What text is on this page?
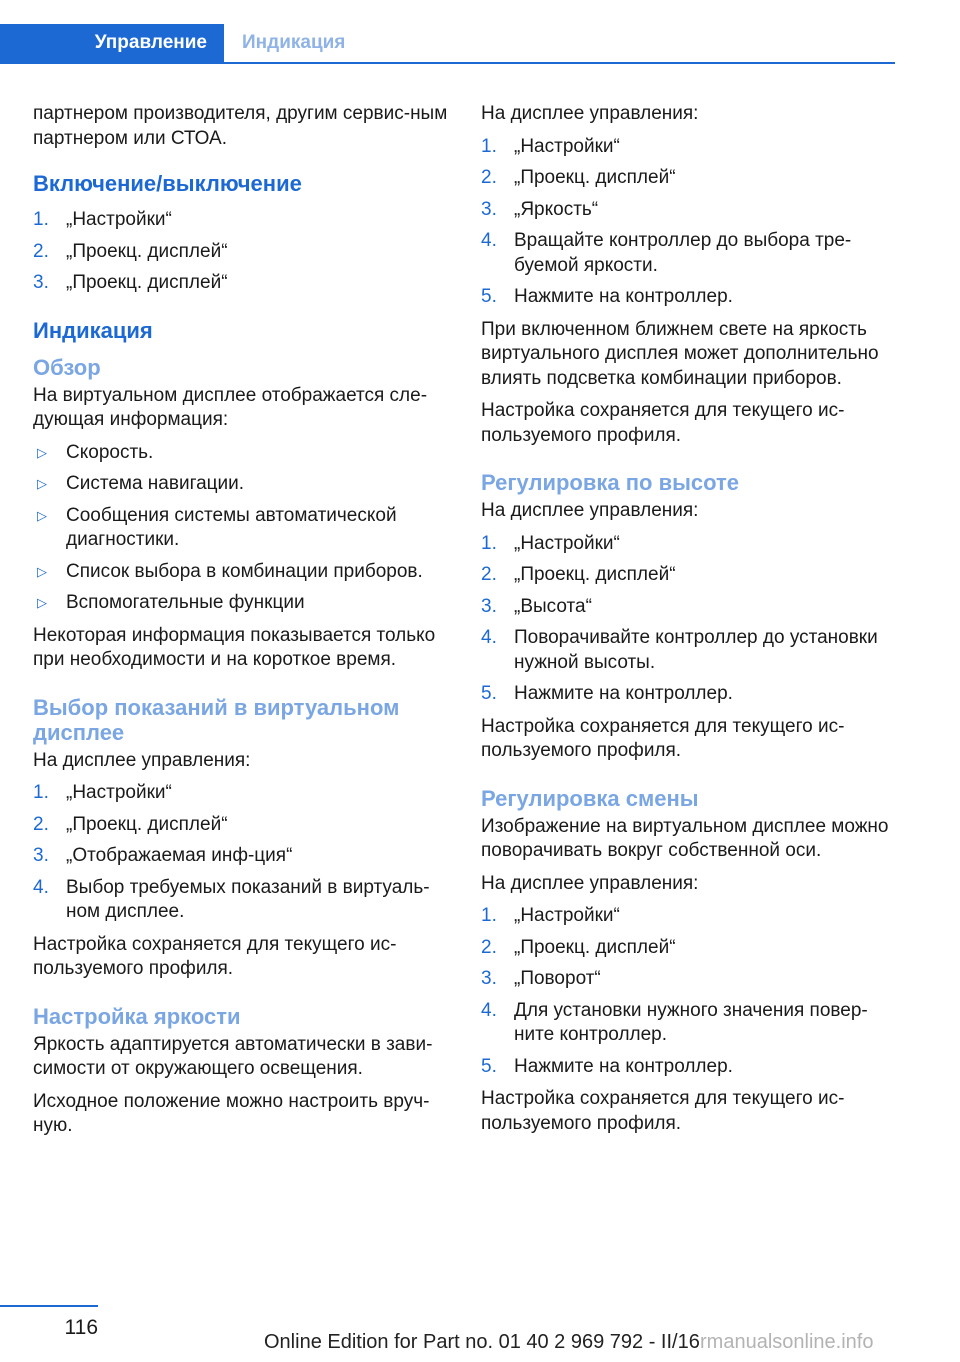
Управление	Индикация

партнером производителя, другим сервис-ным партнером или СТОА.

Включение/выключение
1. „Настройки“
2. „Проекц. дисплей“
3. „Проекц. дисплей“
Индикация
Обзор

На виртуальном дисплее отображается сле-дующая информация:

▷ Скорость.
▷ Система навигации.
▷ Сообщения системы автоматической диагностики.
▷ Список выбора в комбинации приборов.
▷ Вспомогательные функции

Некоторая информация показывается только при необходимости и на короткое время.

Выбор показаний в виртуальном дисплее

На дисплее управления:

1. „Настройки“
2. „Проекц. дисплей“
3. „Отображаемая инф-ция“
4. Выбор требуемых показаний в виртуаль-ном дисплее.

Настройка сохраняется для текущего ис-пользуемого профиля.

Настройка яркости

Яркость адаптируется автоматически в зави-симости от окружающего освещения.

Исходное положение можно настроить вруч-ную.

На дисплее управления:

1. „Настройки“
2. „Проекц. дисплей“
3. „Яркость“
4. Вращайте контроллер до выбора тре-буемой яркости.
5. Нажмите на контроллер.

При включенном ближнем свете на яркость виртуального дисплея может дополнительно влиять подсветка комбинации приборов.

Настройка сохраняется для текущего ис-пользуемого профиля.

Регулировка по высоте

На дисплее управления:

1. „Настройки“
2. „Проекц. дисплей“
3. „Высота“
4. Поворачивайте контроллер до установки нужной высоты.
5. Нажмите на контроллер.

Настройка сохраняется для текущего ис-пользуемого профиля.

Регулировка смены

Изображение на виртуальном дисплее можно поворачивать вокруг собственной оси.

На дисплее управления:

1. „Настройки“
2. „Проекц. дисплей“
3. „Поворот“
4. Для установки нужного значения повер-ните контроллер.
5. Нажмите на контроллер.

Настройка сохраняется для текущего ис-пользуемого профиля.

116
Online Edition for Part no. 01 40 2 969 792 - II/16 rmanualsonline.info
